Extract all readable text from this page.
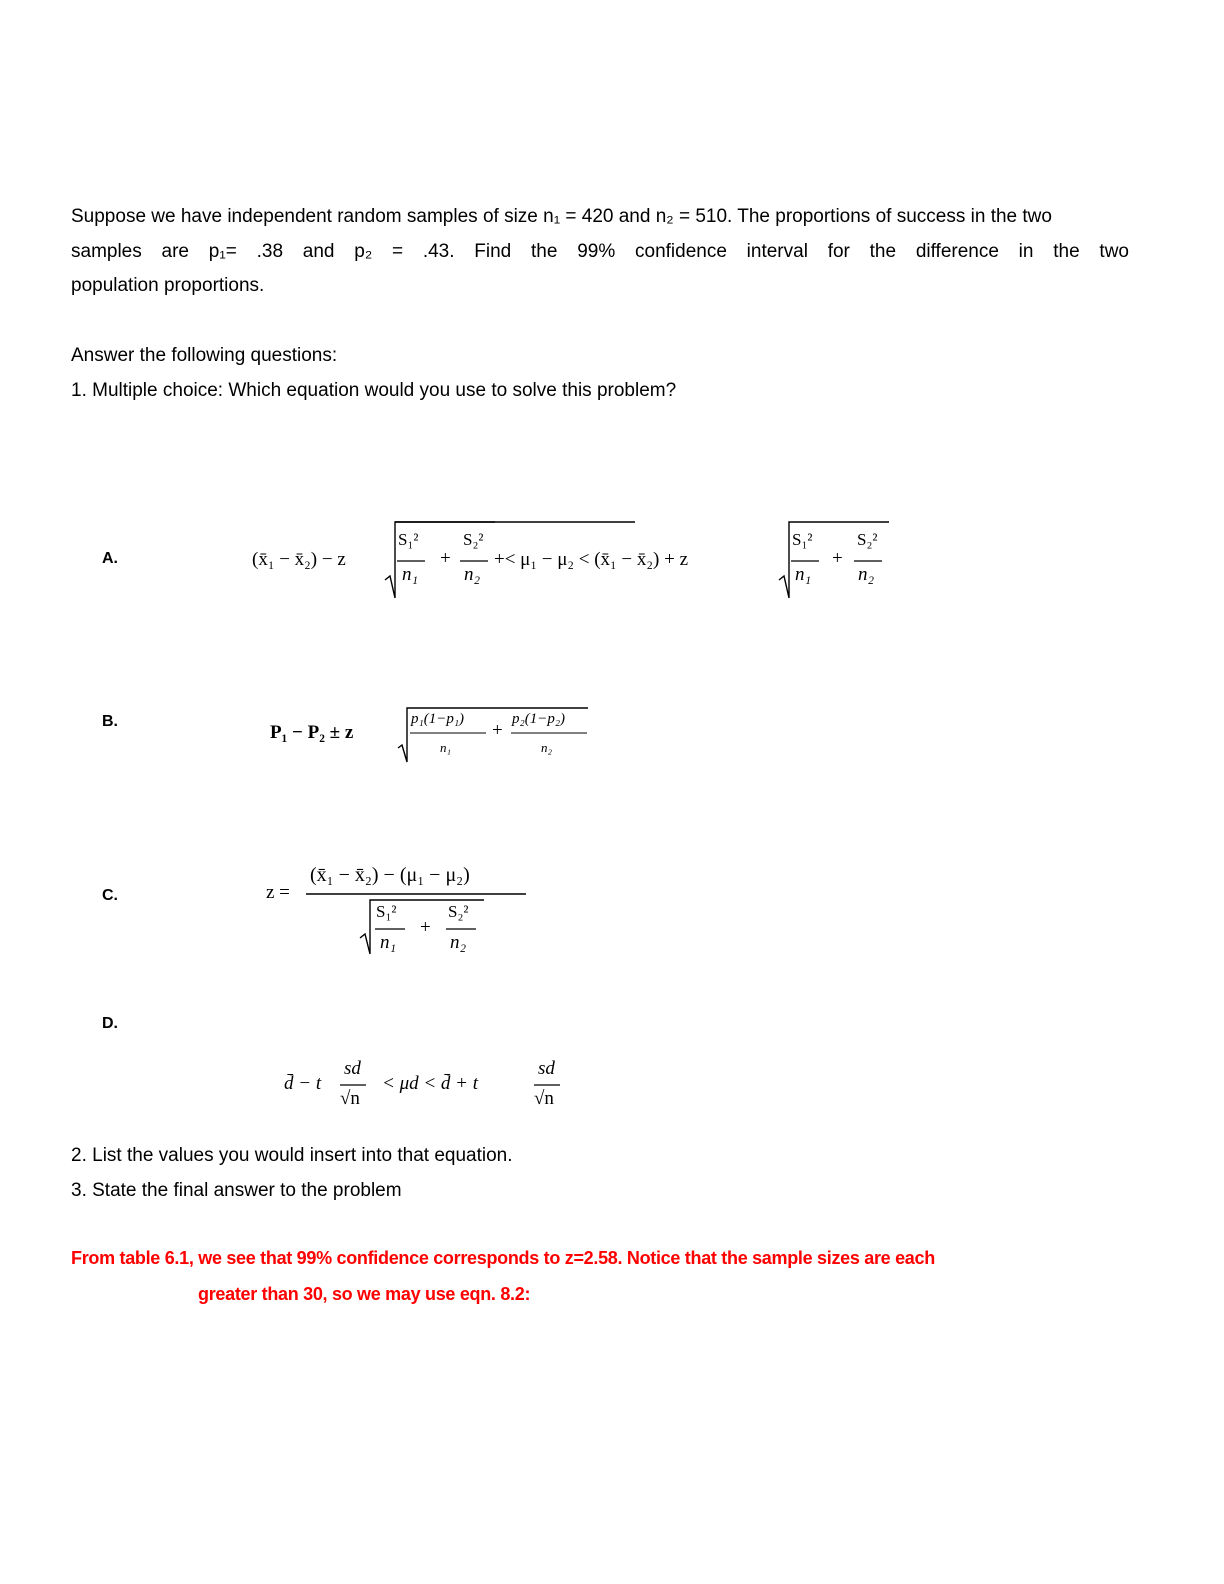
Suppose we have independent random samples of size n₁ = 420 and n₂ = 510. The proportions of success in the two
samples are p₁= .38 and p₂ = .43. Find the 99% confidence interval for the difference in the two
population proportions.
Answer the following questions:
1. Multiple choice: Which equation would you use to solve this problem?
A.	(x̄₁ − x̄₂) − z
S₁²
n₁
+
S₂²
n₂
+< μ₁ − μ₂ < (x̄₁ − x̄₂) + z
S₁²
n₁
+
S₂²
n₂
B.
P₁ − P₂ ± z
p₁(1−p₁)
n₁
+
p₂(1−p₂)
n₂
C.	z =
(x̄₁ − x̄₂) − (μ₁ − μ₂)
S₁²
n₁
+
S₂²
n₂
D.
d̄ − t
sd
√n
< μd < d̄ + t
sd
√n
2. List the values you would insert into that equation.
3. State the final answer to the problem
From table 6.1, we see that 99% confidence corresponds to z=2.58. Notice that the sample sizes are each
greater than 30, so we may use eqn. 8.2:
